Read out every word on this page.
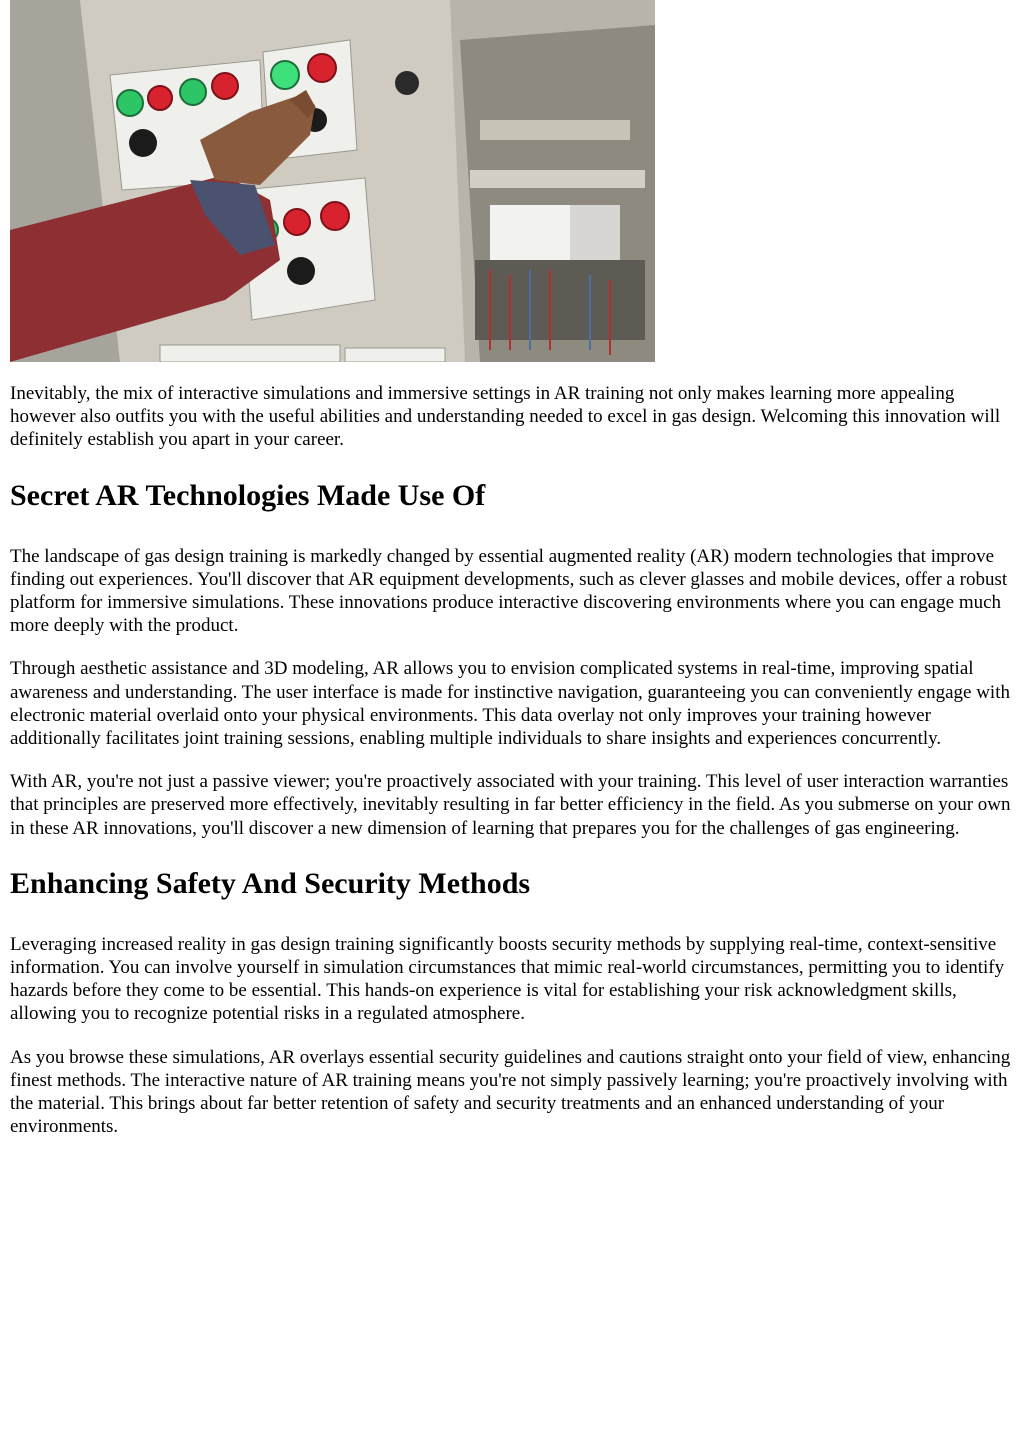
Inevitably, the mix of interactive simulations and immersive settings in AR training not only makes learning more appealing however also outfits you with the useful abilities and understanding needed to excel in gas design. Welcoming this innovation will definitely establish you apart in your career.

Secret AR Technologies Made Use Of

The landscape of gas design training is markedly changed by essential augmented reality (AR) modern technologies that improve finding out experiences. You'll discover that AR equipment developments, such as clever glasses and mobile devices, offer a robust platform for immersive simulations. These innovations produce interactive discovering environments where you can engage much more deeply with the product.

Through aesthetic assistance and 3D modeling, AR allows you to envision complicated systems in real-time, improving spatial awareness and understanding. The user interface is made for instinctive navigation, guaranteeing you can conveniently engage with electronic material overlaid onto your physical environments. This data overlay not only improves your training however additionally facilitates joint training sessions, enabling multiple individuals to share insights and experiences concurrently.

With AR, you're not just a passive viewer; you're proactively associated with your training. This level of user interaction warranties that principles are preserved more effectively, inevitably resulting in far better efficiency in the field. As you submerse on your own in these AR innovations, you'll discover a new dimension of learning that prepares you for the challenges of gas engineering.

Enhancing Safety And Security Methods

Leveraging increased reality in gas design training significantly boosts security methods by supplying real-time, context-sensitive information. You can involve yourself in simulation circumstances that mimic real-world circumstances, permitting you to identify hazards before they come to be essential. This hands-on experience is vital for establishing your risk acknowledgment skills, allowing you to recognize potential risks in a regulated atmosphere.

As you browse these simulations, AR overlays essential security guidelines and cautions straight onto your field of view, enhancing finest methods. The interactive nature of AR training means you're not simply passively learning; you're proactively involving with the material. This brings about far better retention of safety and security treatments and an enhanced understanding of your environments.
